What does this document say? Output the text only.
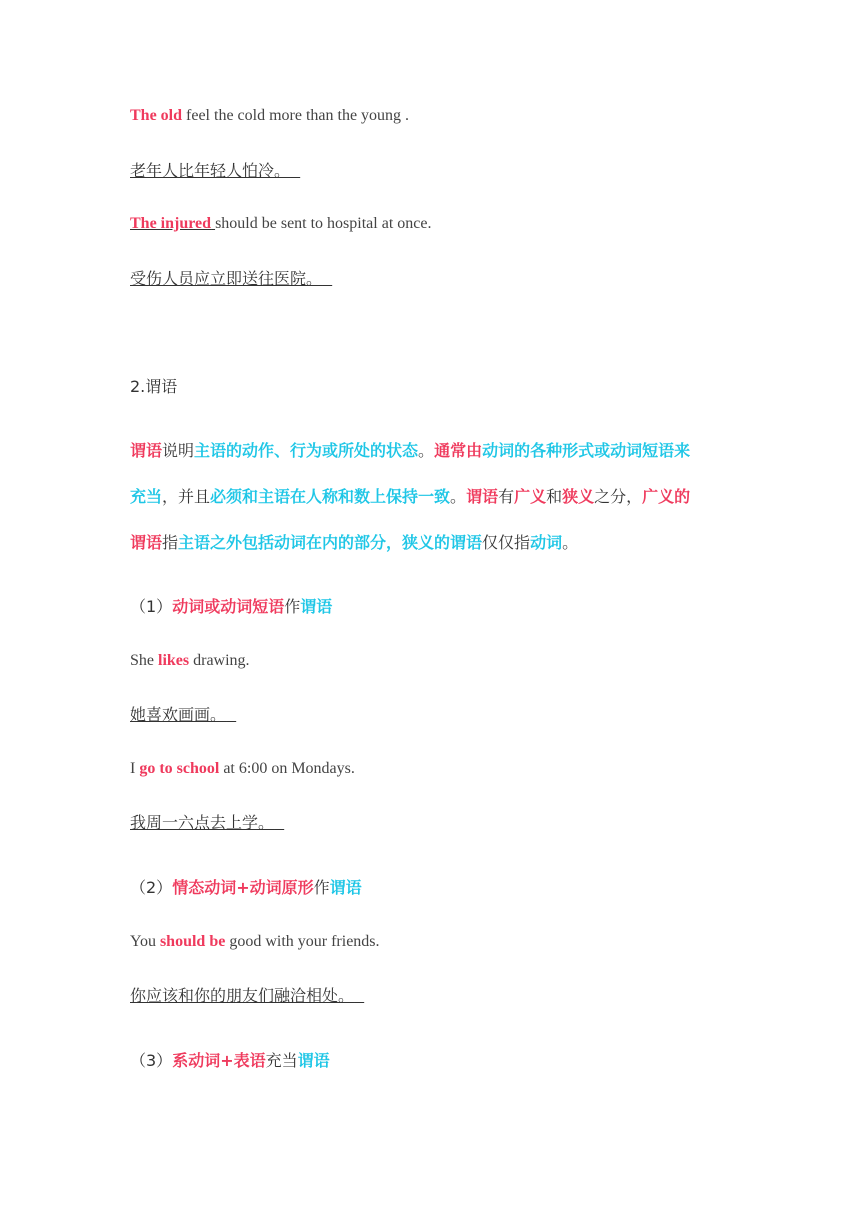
The old feel the cold more than the young .
老年人比年轻人怕冷。
The injured should be sent to hospital at once.
受伤人员应立即送往医院。
2.谓语
谓语说明主语的动作、行为或所处的状态。通常由动词的各种形式或动词短语来
充当，并且必须和主语在人称和数上保持一致。谓语有广义和狭义之分，广义的
谓语指主语之外包括动词在内的部分，狭义的谓语仅仅指动词。
（1）动词或动词短语作谓语
She likes drawing.
她喜欢画画。
I go to school at 6:00 on Mondays.
我周一六点去上学。
（2）情态动词+动词原形作谓语
You should be good with your friends.
你应该和你的朋友们融洽相处。
（3）系动词+表语充当谓语
